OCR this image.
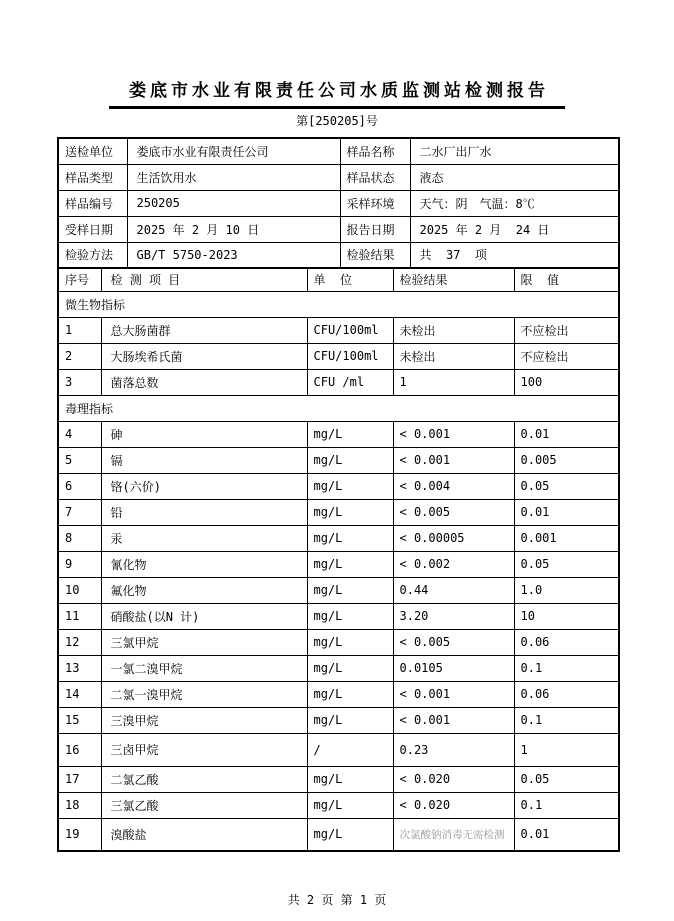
娄底市水业有限责任公司水质监测站检测报告
第[250205]号
送检单位	娄底市水业有限责任公司	样品名称	二水厂出厂水
样品类型	生活饮用水	样品状态	液态
样品编号	250205	采样环境	天气：阴　气温：8℃
受样日期	2025 年 2 月 10 日	报告日期	2025 年 2 月  24 日
检验方法	GB/T 5750-2023	检验结果	共  37  项
序号	检 测 项 目	单  位	检验结果	限  值
微生物指标				
1	总大肠菌群	CFU/100ml	未检出	不应检出
2	大肠埃希氏菌	CFU/100ml	未检出	不应检出
3	菌落总数	CFU /ml	1	100
毒理指标				
4	砷	mg/L	< 0.001	0.01
5	镉	mg/L	< 0.001	0.005
6	铬(六价)	mg/L	< 0.004	0.05
7	铅	mg/L	< 0.005	0.01
8	汞	mg/L	< 0.00005	0.001
9	氰化物	mg/L	< 0.002	0.05
10	氟化物	mg/L	0.44	1.0
11	硝酸盐(以N 计)	mg/L	3.20	10
12	三氯甲烷	mg/L	< 0.005	0.06
13	一氯二溴甲烷	mg/L	0.0105	0.1
14	二氯一溴甲烷	mg/L	< 0.001	0.06
15	三溴甲烷	mg/L	< 0.001	0.1
16	三卤甲烷	/	0.23	1
17	二氯乙酸	mg/L	< 0.020	0.05
18	三氯乙酸	mg/L	< 0.020	0.1
19	溴酸盐	mg/L	次氯酸钠消毒无需检测	0.01
共 2 页 第 1 页
